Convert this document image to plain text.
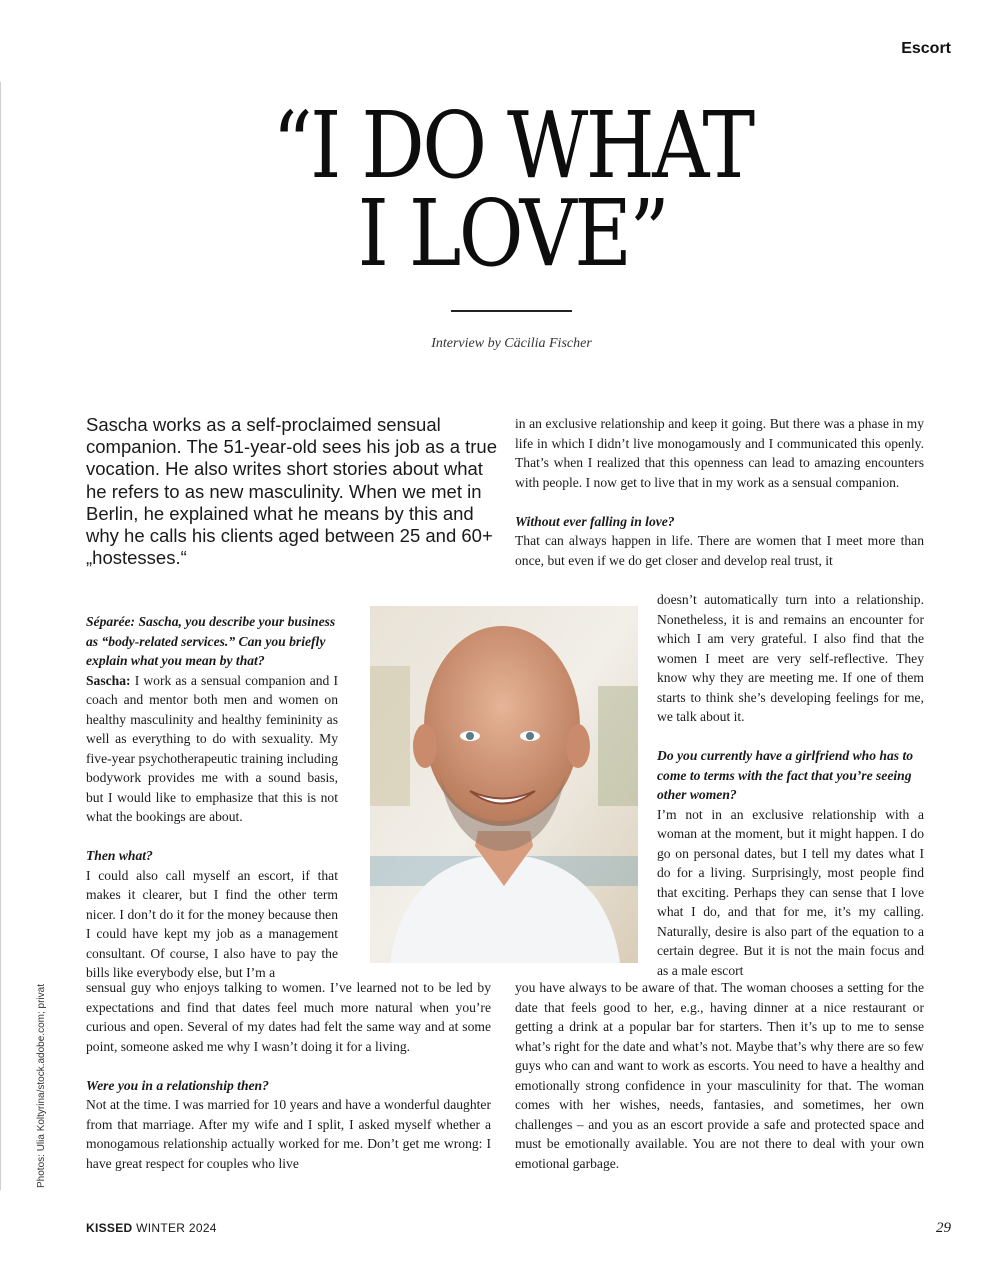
Escort
“I DO WHAT
I LOVE”
Interview by Cäcilia Fischer
Sascha works as a self-proclaimed sensual companion. The 51-year-old sees his job as a true vocation. He also writes short stories about what he refers to as new masculinity. When we met in Berlin, he explained what he means by this and why he calls his clients aged between 25 and 60+ „hostesses.“

Séparée: Sascha, you describe your business as “body-related services.” Can you briefly explain what you mean by that?

Sascha: I work as a sensual companion and I coach and mentor both men and women on healthy masculinity and healthy femininity as well as everything to do with sexuality. My five-year psychotherapeutic training including bodywork provides me with a sound basis, but I would like to emphasize that this is not what the bookings are about.

Then what?

I could also call myself an escort, if that makes it clearer, but I find the other term nicer. I don’t do it for the money because then I could have kept my job as a management consultant. Of course, I also have to pay the bills like everybody else, but I’m a

sensual guy who enjoys talking to women. I’ve learned not to be led by expectations and find that dates feel much more natural when you’re curious and open. Several of my dates had felt the same way and at some point, someone asked me why I wasn’t doing it for a living.

Were you in a relationship then?

Not at the time. I was married for 10 years and have a wonderful daughter from that marriage. After my wife and I split, I asked myself whether a monogamous relationship actually worked for me. Don’t get me wrong: I have great respect for couples who live

in an exclusive relationship and keep it going. But there was a phase in my life in which I didn’t live monogamously and I communicated this openly. That’s when I realized that this openness can lead to amazing encounters with people. I now get to live that in my work as a sensual companion.

Without ever falling in love?

That can always happen in life. There are women that I meet more than once, but even if we do get closer and develop real trust, it

doesn’t automatically turn into a relationship. Nonetheless, it is and remains an encounter for which I am very grateful. I also find that the women I meet are very self-reflective. They know why they are meeting me. If one of them starts to think she’s developing feelings for me, we talk about it.

Do you currently have a girlfriend who has to come to terms with the fact that you’re seeing other women?

I’m not in an exclusive relationship with a woman at the moment, but it might happen. I do go on personal dates, but I tell my dates what I do for a living. Surprisingly, most people find that exciting. Perhaps they can sense that I love what I do, and that for me, it’s my calling. Naturally, desire is also part of the equation to a certain degree. But it is not the main focus and as a male escort

you have always to be aware of that. The woman chooses a setting for the date that feels good to her, e.g., having dinner at a nice restaurant or getting a drink at a popular bar for starters. Then it’s up to me to sense what’s right for the date and what’s not. Maybe that’s why there are so few guys who can and want to work as escorts. You need to have a healthy and emotionally strong confidence in your masculinity for that. The woman comes with her wishes, needs, fantasies, and sometimes, her own challenges – and you as an escort provide a safe and protected space and must be emotionally available. You are not there to deal with your own emotional garbage.

Photos: Ulia Koltyrina/stock.adobe.com; privat
KISSED WINTER 2024	29
